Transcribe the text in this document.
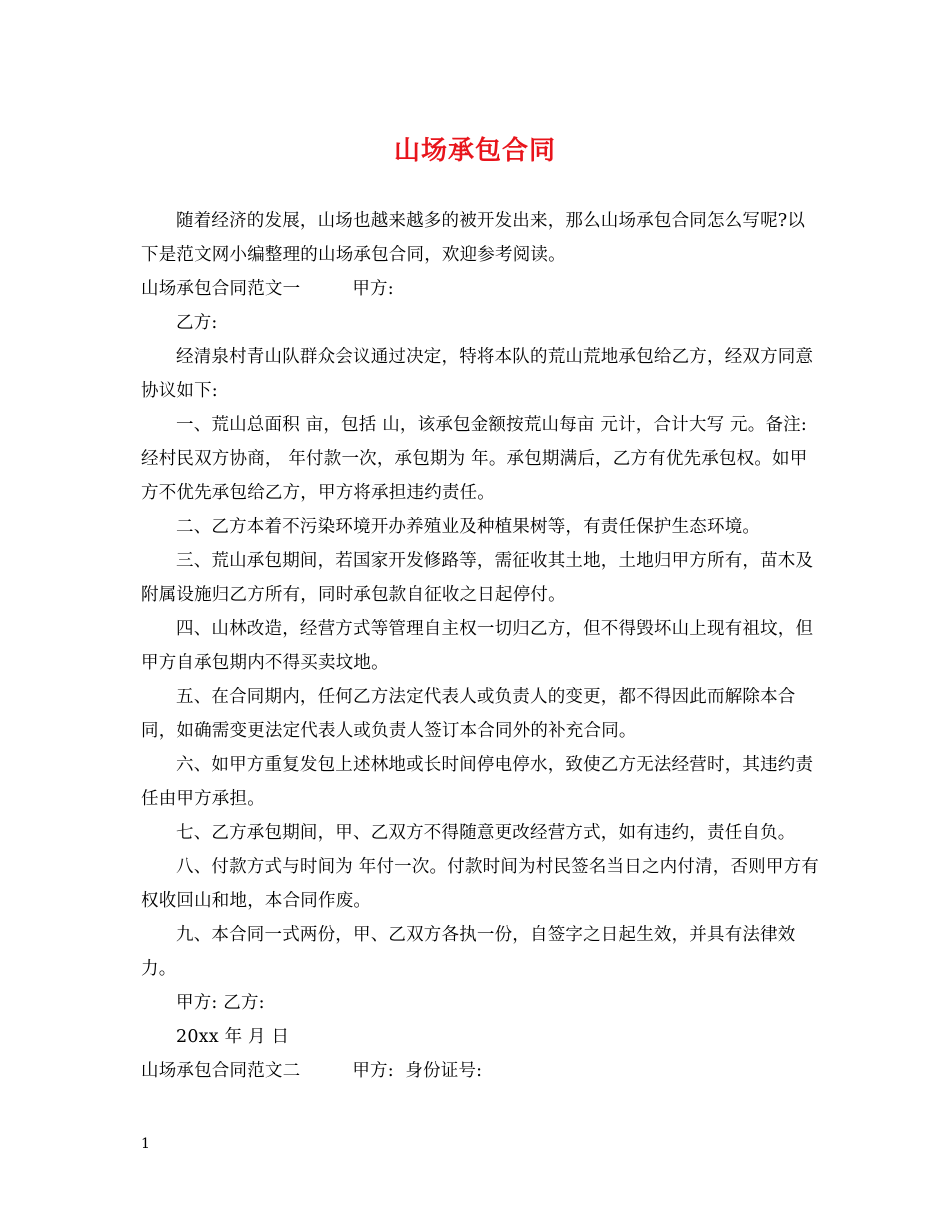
山场承包合同

随着经济的发展，山场也越来越多的被开发出来，那么山场承包合同怎么写呢?以下是范文网小编整理的山场承包合同，欢迎参考阅读。

山场承包合同范文一	甲方:

乙方:

经清泉村青山队群众会议通过决定，特将本队的荒山荒地承包给乙方，经双方同意协议如下:

一、荒山总面积 亩，包括 山，该承包金额按荒山每亩 元计，合计大写 元。备注:经村民双方协商， 年付款一次，承包期为 年。承包期满后，乙方有优先承包权。如甲方不优先承包给乙方，甲方将承担违约责任。

二、乙方本着不污染环境开办养殖业及种植果树等，有责任保护生态环境。

三、荒山承包期间，若国家开发修路等，需征收其土地，土地归甲方所有，苗木及附属设施归乙方所有，同时承包款自征收之日起停付。

四、山林改造，经营方式等管理自主权一切归乙方，但不得毁坏山上现有祖坟，但甲方自承包期内不得买卖坟地。

五、在合同期内，任何乙方法定代表人或负责人的变更，都不得因此而解除本合同，如确需变更法定代表人或负责人签订本合同外的补充合同。

六、如甲方重复发包上述林地或长时间停电停水，致使乙方无法经营时，其违约责任由甲方承担。

七、乙方承包期间，甲、乙双方不得随意更改经营方式，如有违约，责任自负。

八、付款方式与时间为 年付一次。付款时间为村民签名当日之内付清，否则甲方有权收回山和地，本合同作废。

九、本合同一式两份，甲、乙双方各执一份，自签字之日起生效，并具有法律效力。

甲方: 乙方:

20xx 年 月 日

山场承包合同范文二	甲方: 身份证号:

1
